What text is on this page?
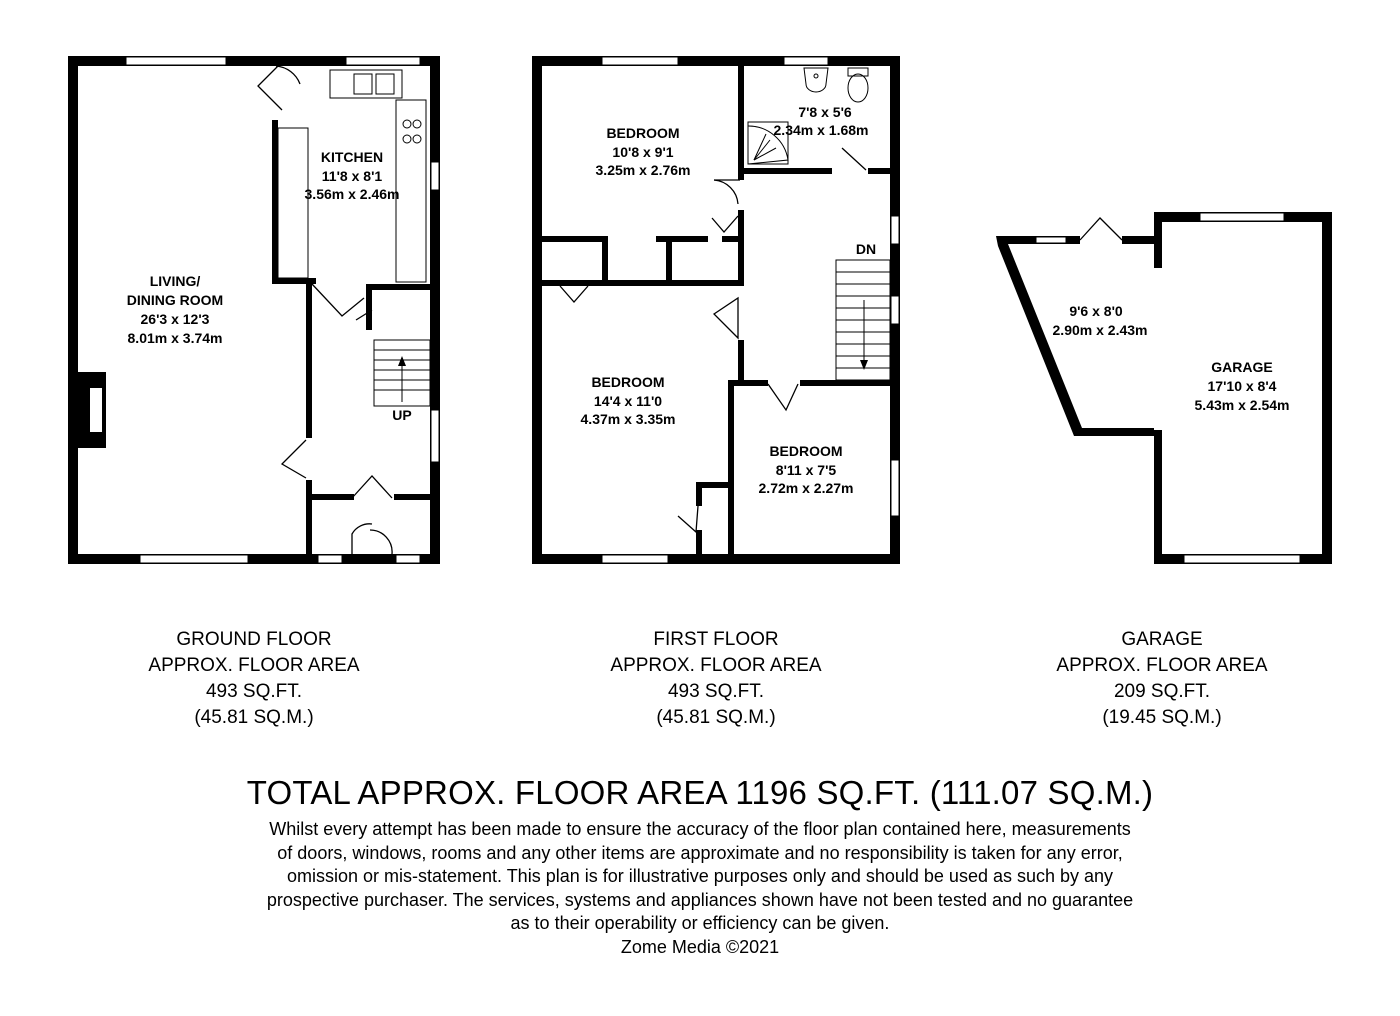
LIVING/
DINING ROOM
26'3 x 12'3
8.01m x 3.74m
KITCHEN
11'8 x 8'1
3.56m x 2.46m
UP
7'8 x 5'6
2.34m x 1.68m
BEDROOM
10'8 x 9'1
3.25m x 2.76m
BEDROOM
14'4 x 11'0
4.37m x 3.35m
BEDROOM
8'11 x 7'5
2.72m x 2.27m
DN
9'6 x 8'0
2.90m x 2.43m
GARAGE
17'10 x 8'4
5.43m x 2.54m
GROUND FLOOR
APPROX. FLOOR AREA
493 SQ.FT.
(45.81 SQ.M.)
FIRST FLOOR
APPROX. FLOOR AREA
493 SQ.FT.
(45.81 SQ.M.)
GARAGE
APPROX. FLOOR AREA
209 SQ.FT.
(19.45 SQ.M.)
TOTAL APPROX. FLOOR AREA 1196 SQ.FT. (111.07 SQ.M.)
Whilst every attempt has been made to ensure the accuracy of the floor plan contained here, measurements
of doors, windows, rooms and any other items are approximate and no responsibility is taken for any error,
omission or mis-statement. This plan is for illustrative purposes only and should be used as such by any
prospective purchaser. The services, systems and appliances shown have not been tested and no guarantee
as to their operability or efficiency can be given.
Zome Media ©2021
